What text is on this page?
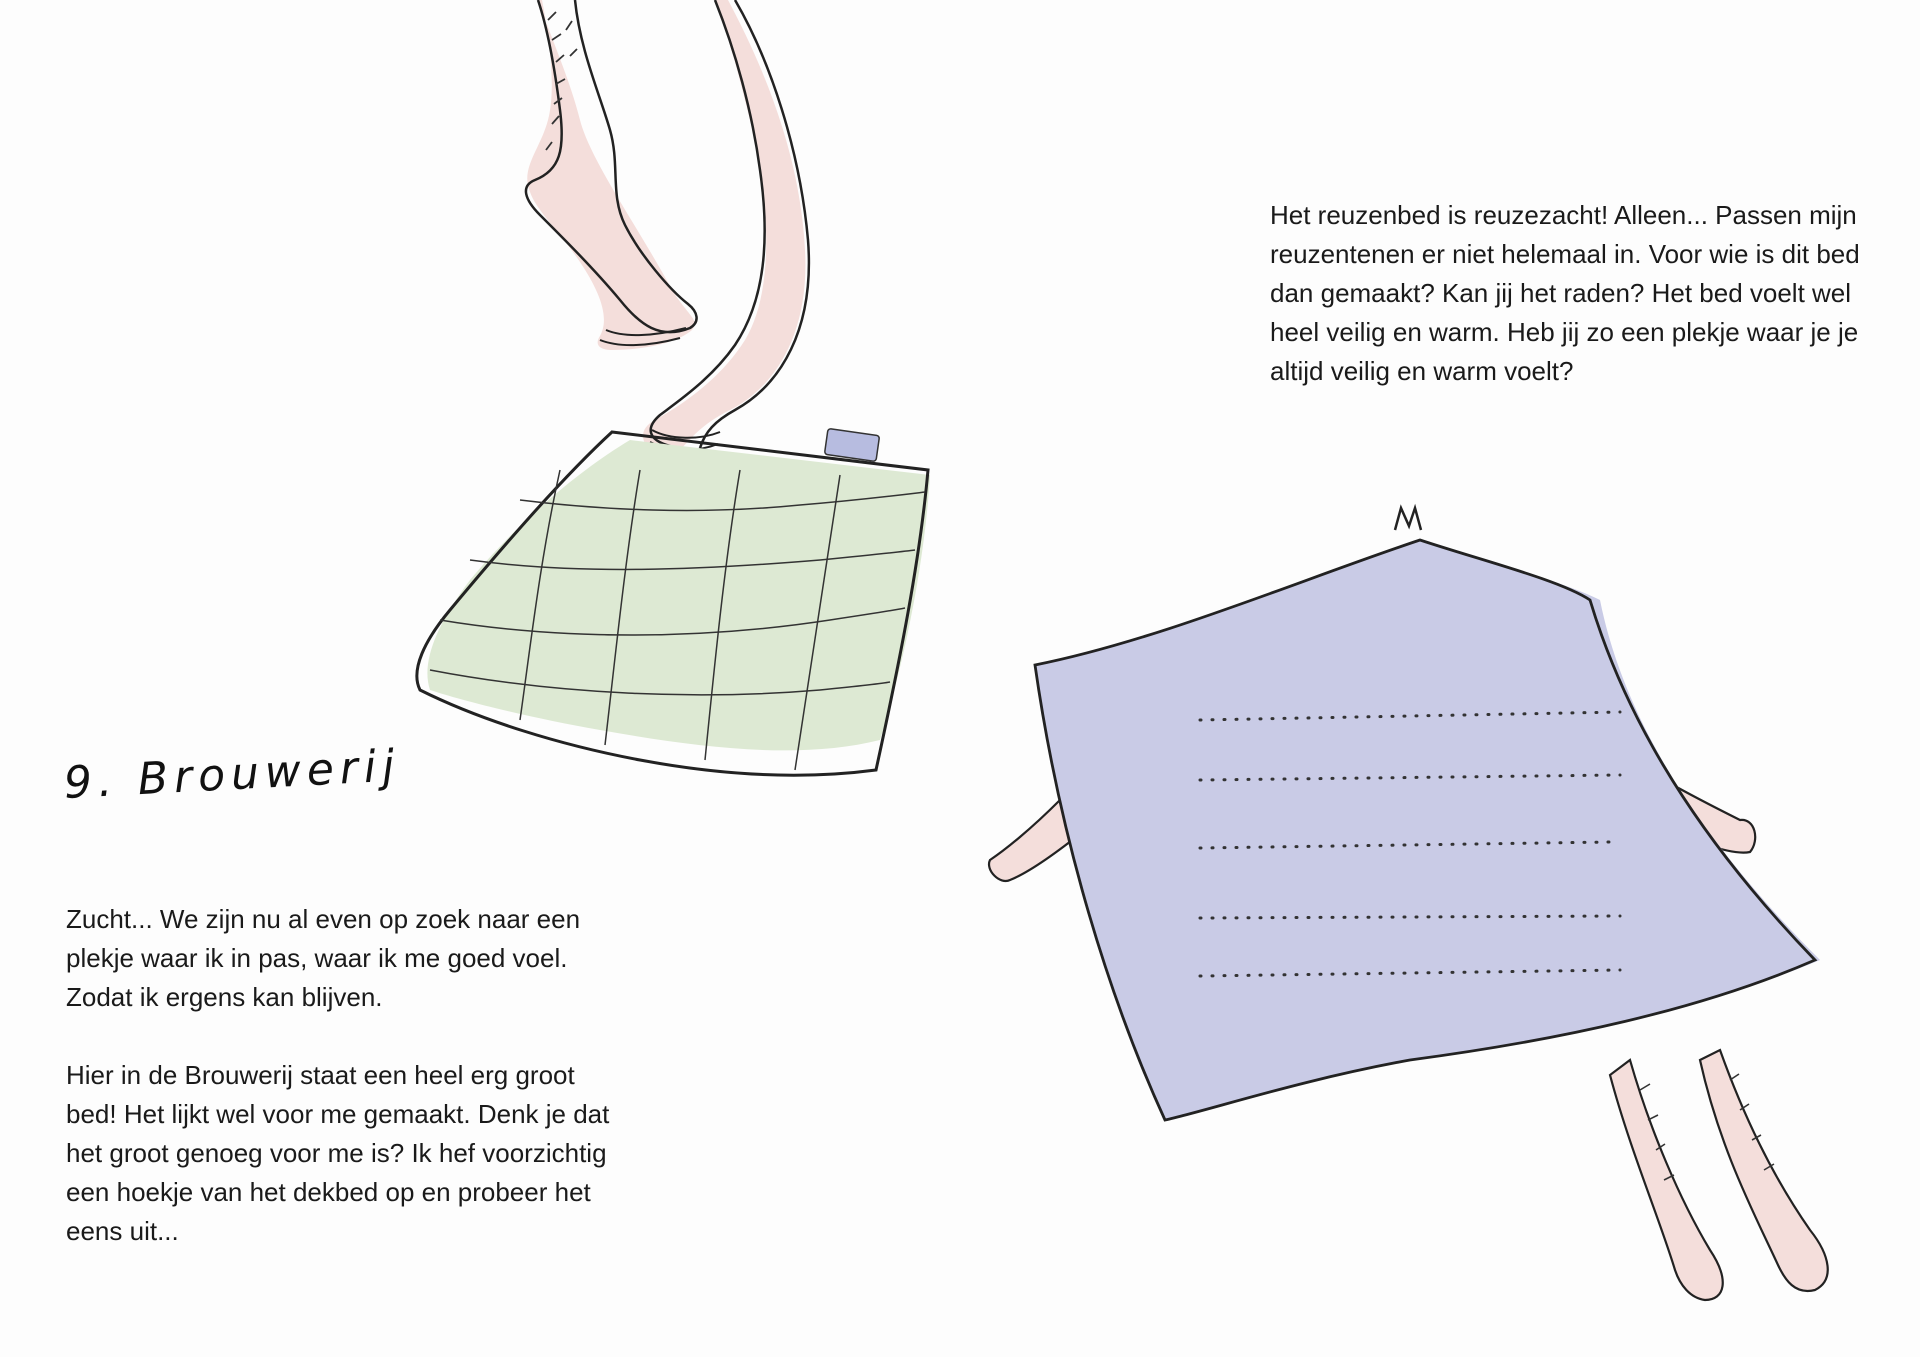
9. Brouwerij

Zucht... We zijn nu al even op zoek naar een plekje waar ik in pas, waar ik me goed voel. Zodat ik ergens kan blijven.

Hier in de Brouwerij staat een heel erg groot bed! Het lijkt wel voor me gemaakt. Denk je dat het groot genoeg voor me is? Ik hef voorzichtig een hoekje van het dekbed op en probeer het eens uit...

Het reuzenbed is reuzezacht! Alleen... Passen mijn reuzentenen er niet helemaal in. Voor wie is dit bed dan gemaakt? Kan jij het raden? Het bed voelt wel heel veilig en warm. Heb jij zo een plekje waar je je altijd veilig en warm voelt?
